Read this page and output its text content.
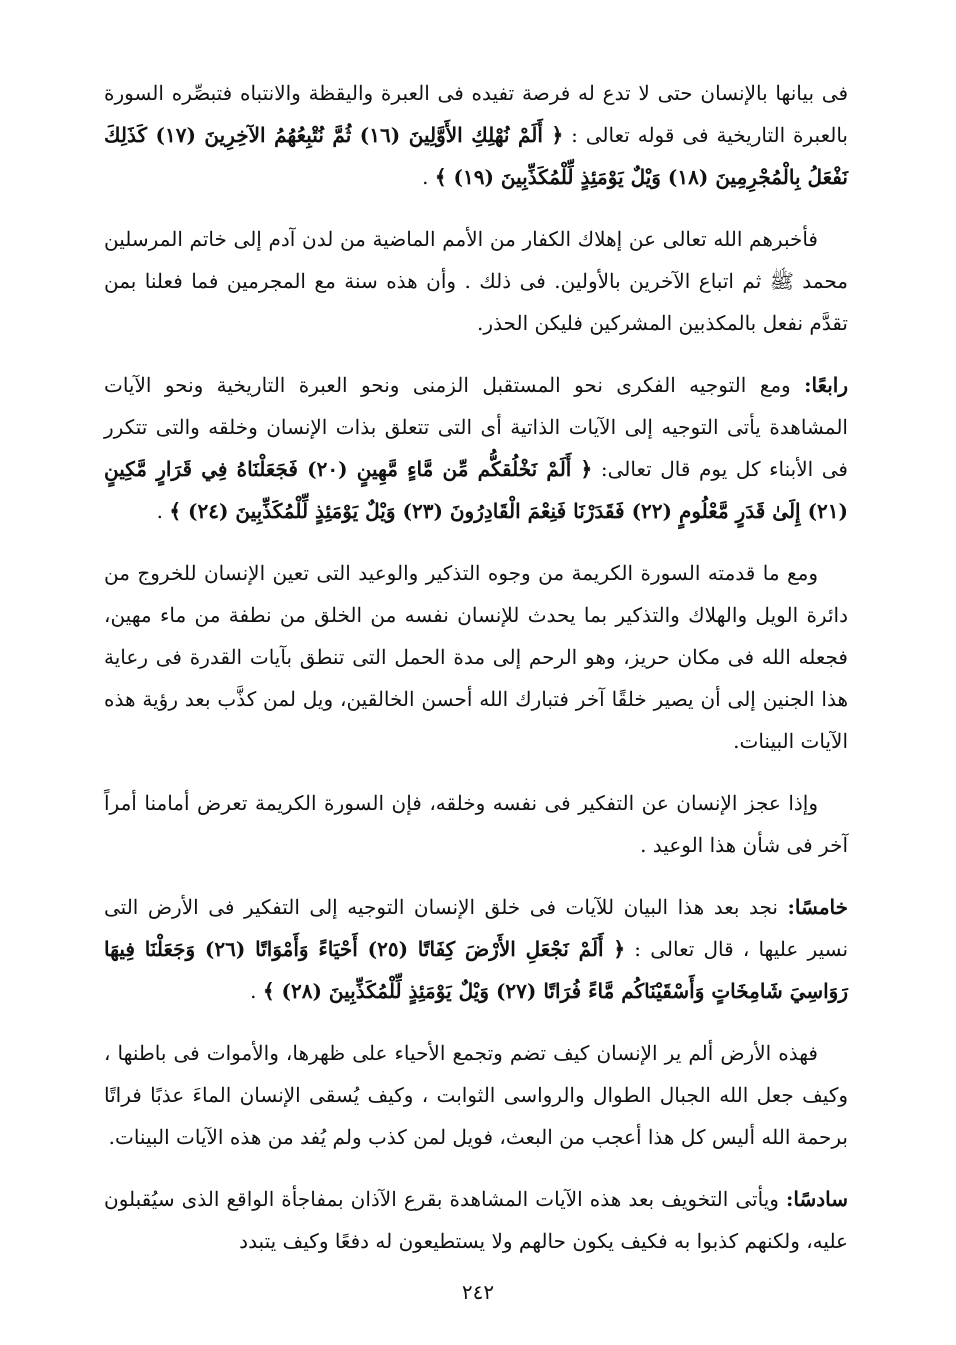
فى بيانها بالإنسان حتى لا تدع له فرصة تفيده فى العبرة واليقظة والانتباه فتبصِّره السورة بالعبرة التاريخية فى قوله تعالى : ﴿ أَلَمْ نُهْلِكِ الأَوَّلِينَ (١٦) ثُمَّ نُتْبِعُهُمُ الآخِرِينَ (١٧) كَذَلِكَ نَفْعَلُ بِالْمُجْرِمِينَ (١٨) وَيْلٌ يَوْمَئِذٍ لِّلْمُكَذِّبِينَ (١٩) ﴾ .

فأخبرهم الله تعالى عن إهلاك الكفار من الأمم الماضية من لدن آدم إلى خاتم المرسلين محمد ﷺ ثم اتباع الآخرين بالأولين. فى ذلك . وأن هذه سنة مع المجرمين فما فعلنا بمن تقدَّم نفعل بالمكذبين المشركين فليكن الحذر.

رابعًا: ومع التوجيه الفكرى نحو المستقبل الزمنى ونحو العبرة التاريخية ونحو الآيات المشاهدة يأتى التوجيه إلى الآيات الذاتية أى التى تتعلق بذات الإنسان وخلقه والتى تتكرر فى الأبناء كل يوم قال تعالى: ﴿ أَلَمْ نَخْلُقكُّم مِّن مَّاءٍ مَّهِينٍ (٢٠) فَجَعَلْنَاهُ فِي قَرَارٍ مَّكِينٍ (٢١) إِلَىٰ قَدَرٍ مَّعْلُومٍ (٢٢) فَقَدَرْنَا فَنِعْمَ الْقَادِرُونَ (٢٣) وَيْلٌ يَوْمَئِذٍ لِّلْمُكَذِّبِينَ (٢٤) ﴾ .

ومع ما قدمته السورة الكريمة من وجوه التذكير والوعيد التى تعين الإنسان للخروج من دائرة الويل والهلاك والتذكير بما يحدث للإنسان نفسه من الخلق من نطفة من ماء مهين، فجعله الله فى مكان حريز، وهو الرحم إلى مدة الحمل التى تنطق بآيات القدرة فى رعاية هذا الجنين إلى أن يصير خلقًا آخر فتبارك الله أحسن الخالقين، ويل لمن كذَّب بعد رؤية هذه الآيات البينات.

وإذا عجز الإنسان عن التفكير فى نفسه وخلقه، فإن السورة الكريمة تعرض أمامنا أمراً آخر فى شأن هذا الوعيد .

خامسًا: نجد بعد هذا البيان للآيات فى خلق الإنسان التوجيه إلى التفكير فى الأرض التى نسير عليها ، قال تعالى : ﴿ أَلَمْ نَجْعَلِ الأَرْضَ كِفَاتًا (٢٥) أَحْيَاءً وَأَمْوَاتًا (٢٦) وَجَعَلْنَا فِيهَا رَوَاسِيَ شَامِخَاتٍ وَأَسْقَيْنَاكُم مَّاءً فُرَاتًا (٢٧) وَيْلٌ يَوْمَئِذٍ لِّلْمُكَذِّبِينَ (٢٨) ﴾ .

فهذه الأرض ألم ير الإنسان كيف تضم وتجمع الأحياء على ظهرها، والأموات فى باطنها ، وكيف جعل الله الجبال الطوال والرواسى الثوابت ، وكيف يُسقى الإنسان الماءَ عذبًا فراتًا برحمة الله أليس كل هذا أعجب من البعث، فويل لمن كذب ولم يُفد من هذه الآيات البينات.

سادسًا: ويأتى التخويف بعد هذه الآيات المشاهدة بقرع الآذان بمفاجأة الواقع الذى سيُقبلون عليه، ولكنهم كذبوا به فكيف يكون حالهم ولا يستطيعون له دفعًا وكيف يتبدد

٢٤٢
